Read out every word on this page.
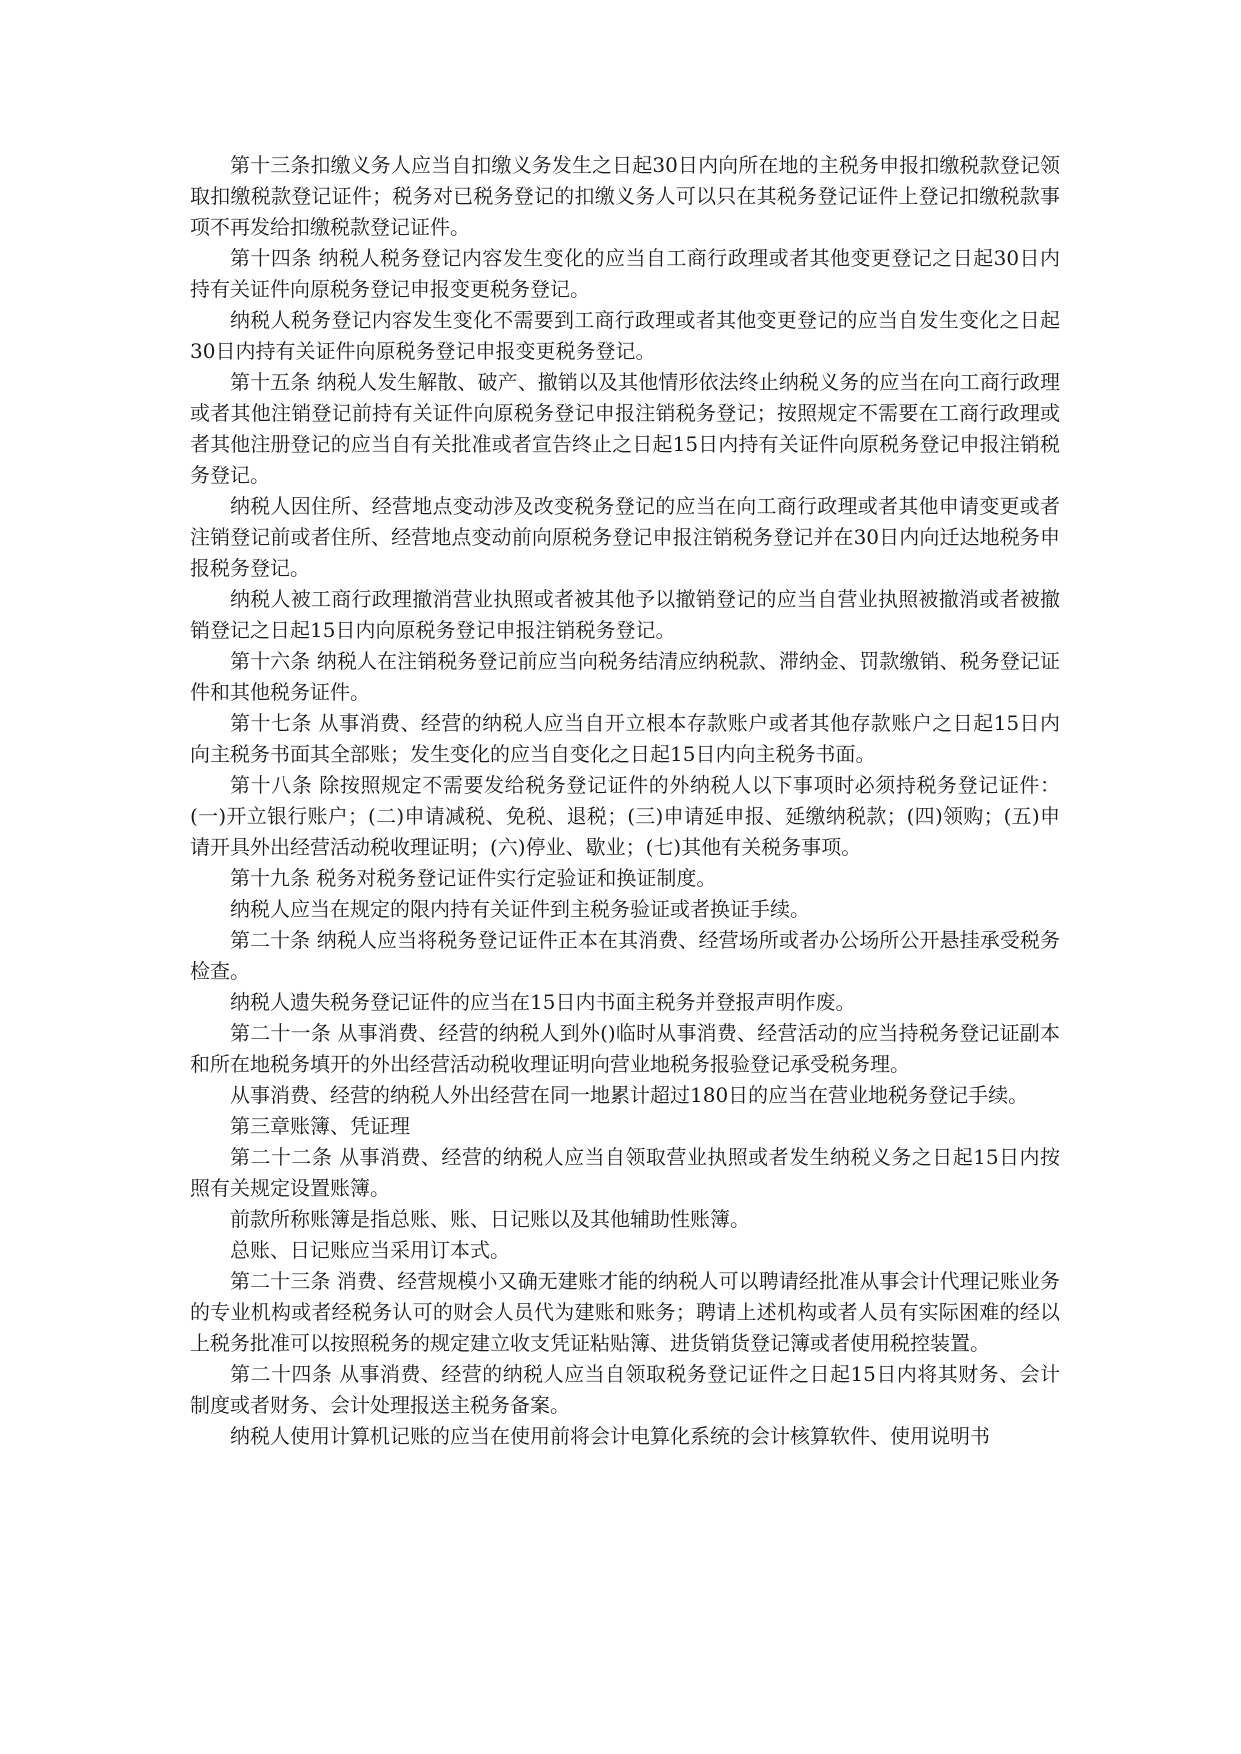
第十三条扣缴义务人应当自扣缴义务发生之日起30日内向所在地的主税务申报扣缴税款登记领取扣缴税款登记证件；税务对已税务登记的扣缴义务人可以只在其税务登记证件上登记扣缴税款事项不再发给扣缴税款登记证件。

第十四条 纳税人税务登记内容发生变化的应当自工商行政理或者其他变更登记之日起30日内持有关证件向原税务登记申报变更税务登记。

纳税人税务登记内容发生变化不需要到工商行政理或者其他变更登记的应当自发生变化之日起30日内持有关证件向原税务登记申报变更税务登记。

第十五条 纳税人发生解散、破产、撤销以及其他情形依法终止纳税义务的应当在向工商行政理或者其他注销登记前持有关证件向原税务登记申报注销税务登记；按照规定不需要在工商行政理或者其他注册登记的应当自有关批准或者宣告终止之日起15日内持有关证件向原税务登记申报注销税务登记。

纳税人因住所、经营地点变动涉及改变税务登记的应当在向工商行政理或者其他申请变更或者注销登记前或者住所、经营地点变动前向原税务登记申报注销税务登记并在30日内向迁达地税务申报税务登记。

纳税人被工商行政理撤消营业执照或者被其他予以撤销登记的应当自营业执照被撤消或者被撤销登记之日起15日内向原税务登记申报注销税务登记。

第十六条 纳税人在注销税务登记前应当向税务结清应纳税款、滞纳金、罚款缴销、税务登记证件和其他税务证件。

第十七条 从事消费、经营的纳税人应当自开立根本存款账户或者其他存款账户之日起15日内向主税务书面其全部账；发生变化的应当自变化之日起15日内向主税务书面。

第十八条 除按照规定不需要发给税务登记证件的外纳税人以下事项时必须持税务登记证件：(一)开立银行账户；(二)申请减税、免税、退税；(三)申请延申报、延缴纳税款；(四)领购；(五)申请开具外出经营活动税收理证明；(六)停业、歇业；(七)其他有关税务事项。

第十九条 税务对税务登记证件实行定验证和换证制度。

纳税人应当在规定的限内持有关证件到主税务验证或者换证手续。

第二十条 纳税人应当将税务登记证件正本在其消费、经营场所或者办公场所公开悬挂承受税务检查。

纳税人遗失税务登记证件的应当在15日内书面主税务并登报声明作废。

第二十一条 从事消费、经营的纳税人到外()临时从事消费、经营活动的应当持税务登记证副本和所在地税务填开的外出经营活动税收理证明向营业地税务报验登记承受税务理。

从事消费、经营的纳税人外出经营在同一地累计超过180日的应当在营业地税务登记手续。

第三章账簿、凭证理

第二十二条 从事消费、经营的纳税人应当自领取营业执照或者发生纳税义务之日起15日内按照有关规定设置账簿。

前款所称账簿是指总账、账、日记账以及其他辅助性账簿。

总账、日记账应当采用订本式。

第二十三条 消费、经营规模小又确无建账才能的纳税人可以聘请经批准从事会计代理记账业务的专业机构或者经税务认可的财会人员代为建账和账务；聘请上述机构或者人员有实际困难的经以上税务批准可以按照税务的规定建立收支凭证粘贴簿、进货销货登记簿或者使用税控装置。

第二十四条 从事消费、经营的纳税人应当自领取税务登记证件之日起15日内将其财务、会计制度或者财务、会计处理报送主税务备案。

纳税人使用计算机记账的应当在使用前将会计电算化系统的会计核算软件、使用说明书
